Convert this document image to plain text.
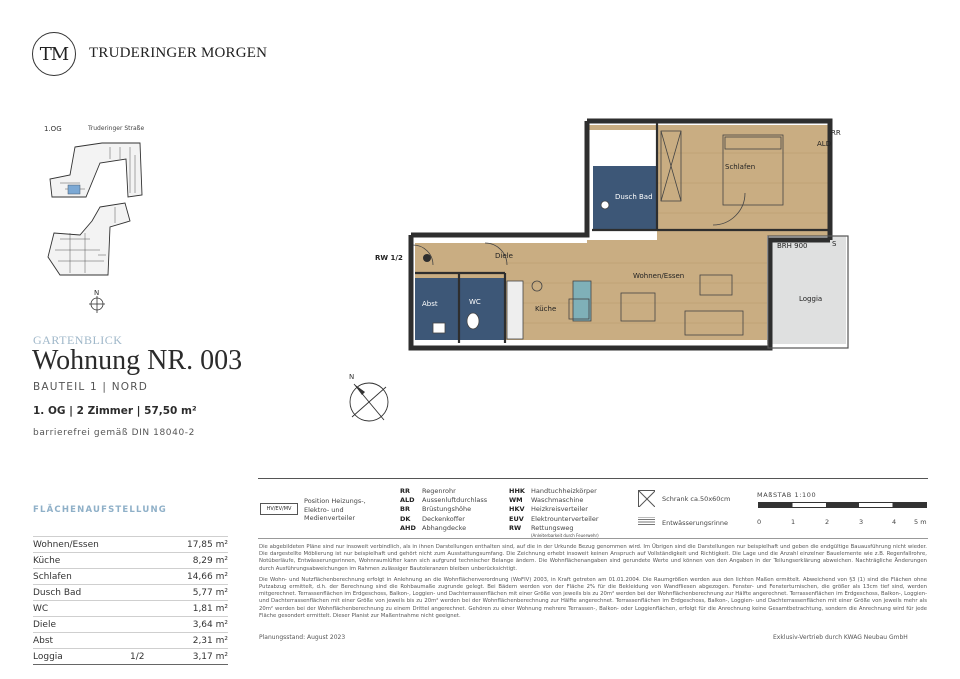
TM TRUDERINGER MORGEN
1.OG	Truderinger Straße
N
GARTENBLICK
Wohnung NR. 003
BAUTEIL 1 | NORD
1. OG | 2 Zimmer | 57,50 m²
barrierefrei gemäß DIN 18040-2
N
RR
ALD
RW 1/2
Schlafen
Dusch Bad
Diele
Wohnen/Essen
Küche
Abst	WC	Loggia
S
BRH 900
FLÄCHENAUFSTELLUNG
Wohnen/Essen	17,85 m²
Küche	8,29 m²
Schlafen	14,66 m²
Dusch Bad	5,77 m²
WC	1,81 m²
Diele	3,64 m²
Abst	2,31 m²
Loggia	1/2	3,17 m²
HV/EV/MV
Position Heizungs-, Elektro- und Medienverteiler
RR Regenrohr
ALD Aussenluftdurchlass
BR Brüstungshöhe
DK Deckenkoffer
AHD Abhangdecke
HHK Handtuchheizkörper
WM Waschmaschine
HKV Heizkreisverteiler
EUV Elektrounterverteiler
RW Rettungsweg
(Anleiterbarkeit durch Feuerwehr)
Schrank ca.50x60cm
Entwässerungsrinne
MAßSTAB 1:100
0	1	2	3	4	5 m
Die abgebildeten Pläne sind nur insoweit verbindlich, als in ihnen Darstellungen enthalten sind, auf die in der Urkunde Bezug genommen wird. Im Übrigen sind die Darstellungen nur beispielhaft und geben die endgültige Bauausführung nicht wieder. Die dargestellte Möblierung ist nur beispielhaft und gehört nicht zum Ausstattungsumfang. Die Zeichnung erhebt insoweit keinen Anspruch auf Vollständigkeit und Richtigkeit. Die Lage und die Anzahl einzelner Bauelemente wie z.B. Regenfallrohre, Notüberläufe, Entwässerungsrinnen, Wohnraumlüfter kann sich aufgrund technischer Belange ändern. Die Wohnflächenangaben sind gerundete Werte und können von den Angaben in der Teilungserklärung abweichen. Nachträgliche Änderungen durch Ausführungsabweichungen im Rahmen zulässiger Bautoleranzen bleiben unberücksichtigt.
Die Wohn- und Nutzflächenberechnung erfolgt in Anlehnung an die Wohnflächenverordnung (WoFIV) 2003, in Kraft getreten am 01.01.2004. Die Raumgrößen werden aus den lichten Maßen ermittelt. Abweichend von §3 (1) sind die Flächen ohne Putzabzug ermittelt, d.h. der Berechnung sind die Rohbaumaße zugrunde gelegt. Bei Bädern werden von der Fläche 2% für die Bekleidung von Wandfliesen abgezogen. Fenster- und Fensterturnischen, die größer als 13cm tief sind, werden mitgerechnet. Terrassenflächen im Erdgeschoss, Balkon-, Loggien- und Dachterrassenflächen mit einer Größe von jeweils bis zu 20m² werden bei der Wohnflächenberechnung zur Hälfte angerechnet. Terrassenflächen im Erdgeschoss, Balkon-, Loggien- und Dachterrassenflächen mit einer Größe von jeweils bis zu 20m² werden bei der Wohnflächenberechnung zur Hälfte angerechnet. Terrassenflächen im Erdgeschoss, Balkon-, Loggien- und Dachterrassenflächen mit einer Größe von jeweils mehr als 20m² werden bei der Wohnflächenberechnung zu einem Drittel angerechnet. Gehören zu einer Wohnung mehrere Terrassen-, Balkon- oder Loggienflächen, erfolgt für die Anrechnung keine Gesamtbetrachtung, sondern die Anrechnung wird für jede Fläche gesondert ermittelt. Dieser Planist zur Maßentnahme nicht geeignet.
Planungsstand: August 2023	Exklusiv-Vertrieb durch KWAG Neubau GmbH
